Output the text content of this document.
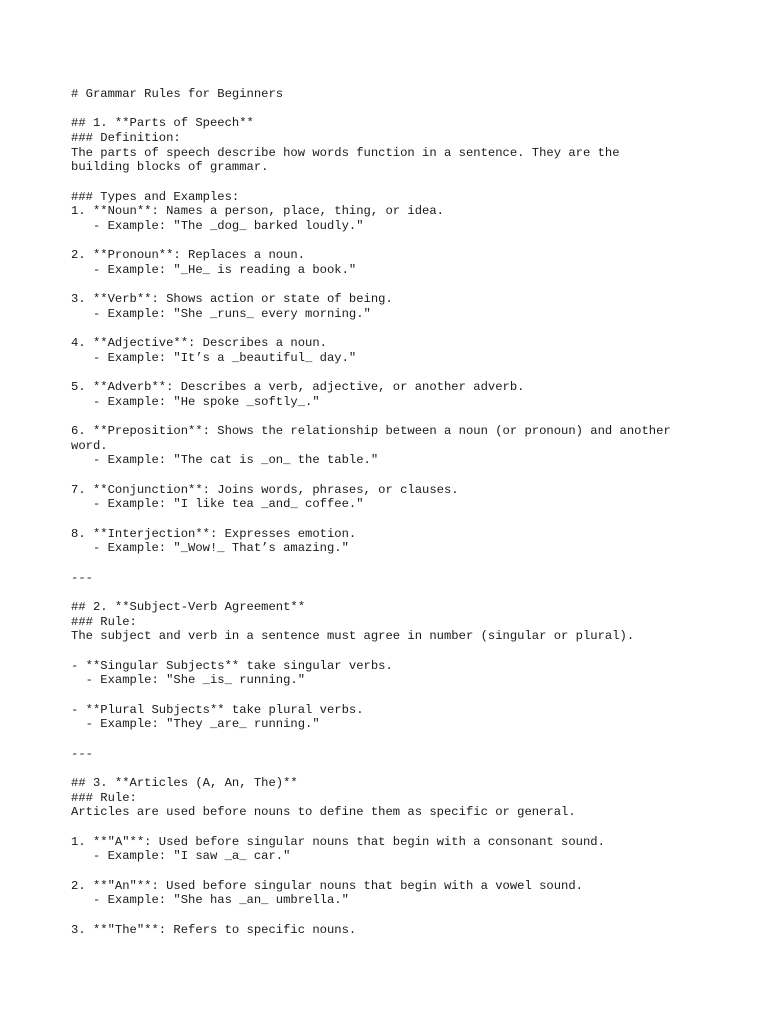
# Grammar Rules for Beginners
## 1. **Parts of Speech**
### Definition:
The parts of speech describe how words function in a sentence. They are the
building blocks of grammar.
### Types and Examples:
1. **Noun**: Names a person, place, thing, or idea.
- Example: "The _dog_ barked loudly."
2. **Pronoun**: Replaces a noun.
- Example: "_He_ is reading a book."
3. **Verb**: Shows action or state of being.
- Example: "She _runs_ every morning."
4. **Adjective**: Describes a noun.
- Example: "It’s a _beautiful_ day."
5. **Adverb**: Describes a verb, adjective, or another adverb.
- Example: "He spoke _softly_."
6. **Preposition**: Shows the relationship between a noun (or pronoun) and another
word.
- Example: "The cat is _on_ the table."
7. **Conjunction**: Joins words, phrases, or clauses.
- Example: "I like tea _and_ coffee."
8. **Interjection**: Expresses emotion.
- Example: "_Wow!_ That’s amazing."
---
## 2. **Subject-Verb Agreement**
### Rule:
The subject and verb in a sentence must agree in number (singular or plural).
- **Singular Subjects** take singular verbs.
- Example: "She _is_ running."
- **Plural Subjects** take plural verbs.
- Example: "They _are_ running."
---
## 3. **Articles (A, An, The)**
### Rule:
Articles are used before nouns to define them as specific or general.
1. **"A"**: Used before singular nouns that begin with a consonant sound.
- Example: "I saw _a_ car."
2. **"An"**: Used before singular nouns that begin with a vowel sound.
- Example: "She has _an_ umbrella."
3. **"The"**: Refers to specific nouns.
